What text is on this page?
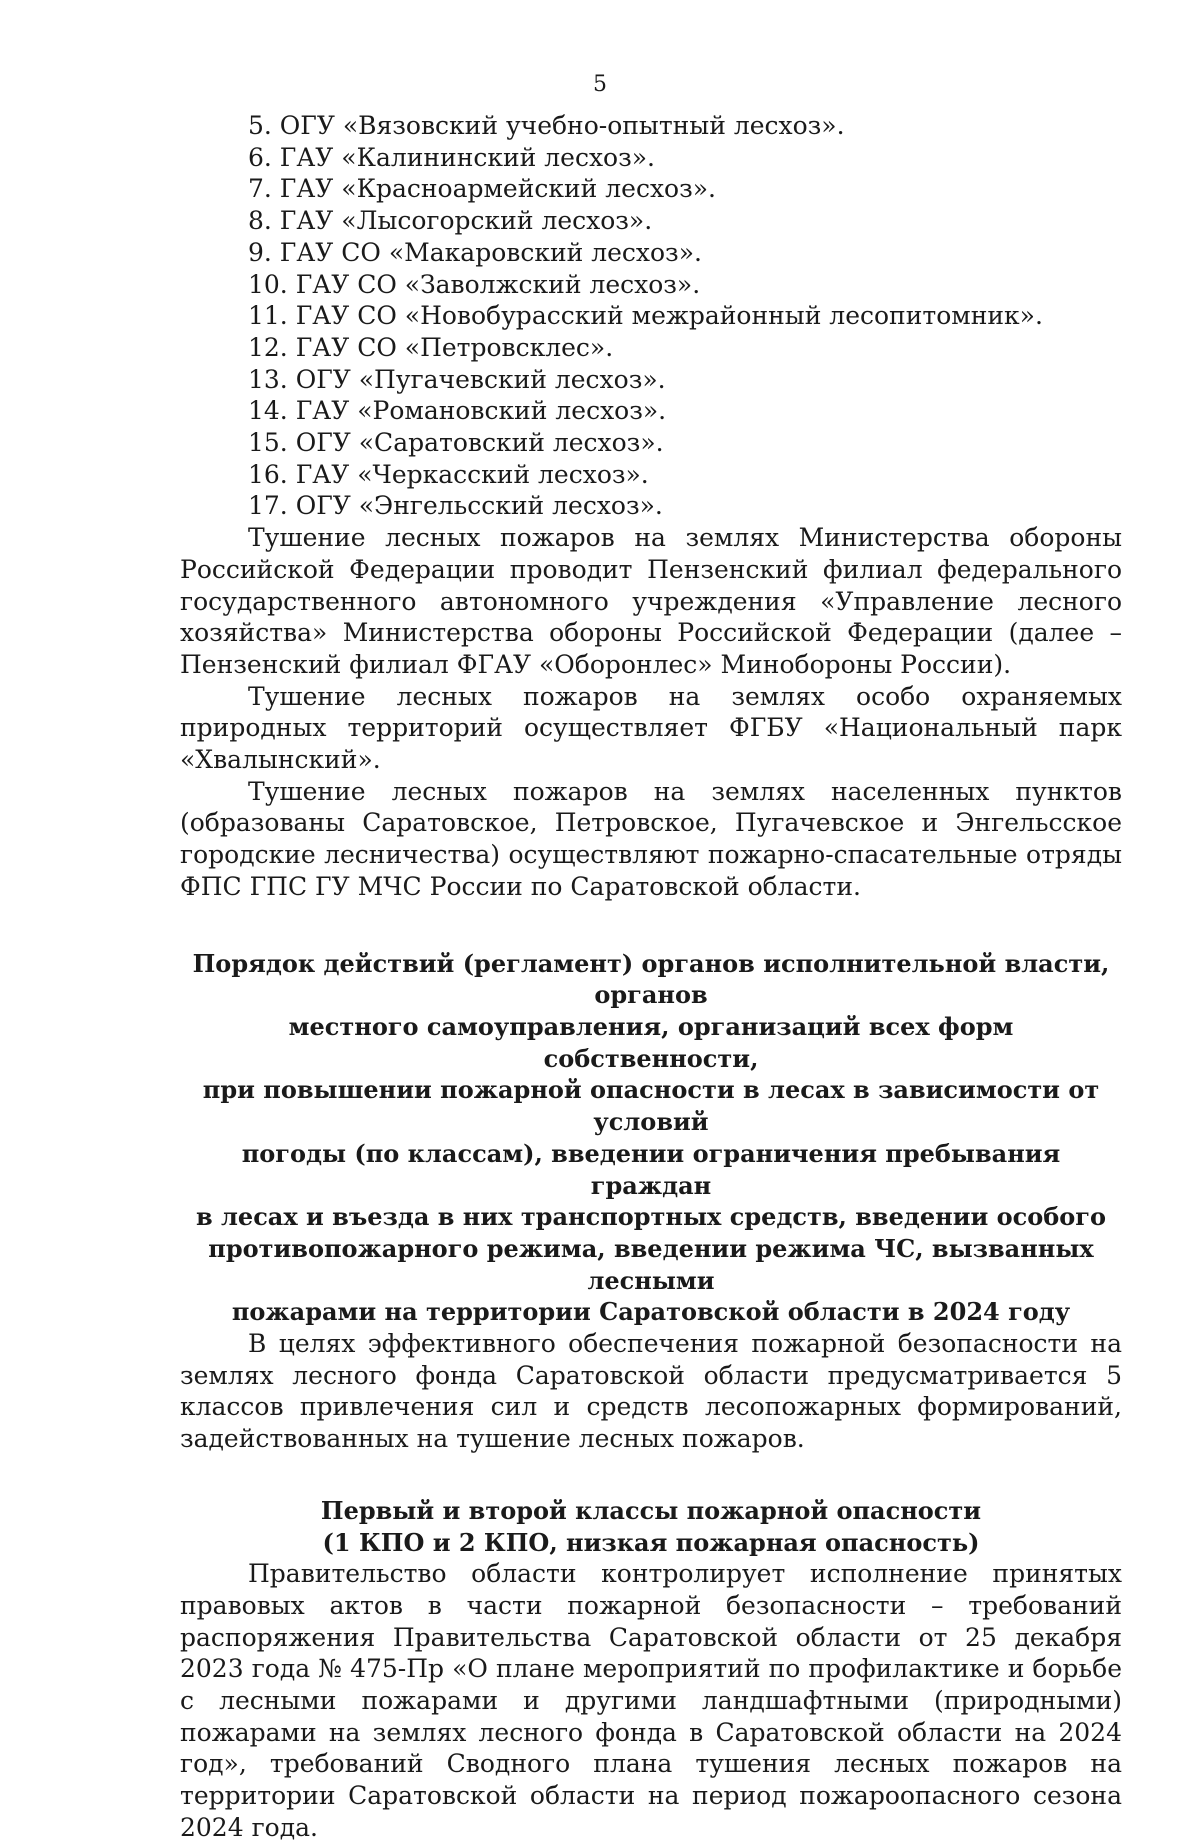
5
5. ОГУ «Вязовский учебно-опытный лесхоз».
6. ГАУ «Калининский лесхоз».
7. ГАУ «Красноармейский лесхоз».
8. ГАУ «Лысогорский лесхоз».
9. ГАУ СО «Макаровский лесхоз».
10. ГАУ СО «Заволжский лесхоз».
11. ГАУ СО «Новобурасский межрайонный лесопитомник».
12. ГАУ СО «Петровсклес».
13. ОГУ «Пугачевский лесхоз».
14. ГАУ «Романовский лесхоз».
15. ОГУ «Саратовский лесхоз».
16. ГАУ «Черкасский лесхоз».
17. ОГУ «Энгельсский лесхоз».

Тушение лесных пожаров на землях Министерства обороны Российской Федерации проводит Пензенский филиал федерального государственного автономного учреждения «Управление лесного хозяйства» Министерства обороны Российской Федерации (далее – Пензенский филиал ФГАУ «Оборонлес» Минобороны России).

Тушение лесных пожаров на землях особо охраняемых природных территорий осуществляет ФГБУ «Национальный парк «Хвалынский».

Тушение лесных пожаров на землях населенных пунктов (образованы Саратовское, Петровское, Пугачевское и Энгельсское городские лесничества) осуществляют пожарно-спасательные отряды ФПС ГПС ГУ МЧС России по Саратовской области.

Порядок действий (регламент) органов исполнительной власти, органов
местного самоуправления, организаций всех форм собственности,
при повышении пожарной опасности в лесах в зависимости от условий
погоды (по классам), введении ограничения пребывания граждан
в лесах и въезда в них транспортных средств, введении особого
противопожарного режима, введении режима ЧС, вызванных лесными
пожарами на территории Саратовской области в 2024 году

В целях эффективного обеспечения пожарной безопасности на землях лесного фонда Саратовской области предусматривается 5 классов привлечения сил и средств лесопожарных формирований, задействованных на тушение лесных пожаров.

Первый и второй классы пожарной опасности
(1 КПО и 2 КПО, низкая пожарная опасность)

Правительство области контролирует исполнение принятых правовых актов в части пожарной безопасности – требований распоряжения Правительства Саратовской области от 25 декабря 2023 года № 475-Пр «О плане мероприятий по профилактике и борьбе с лесными пожарами и другими ландшафтными (природными) пожарами на землях лесного фонда в Саратовской области на 2024 год», требований Сводного плана тушения лесных пожаров на территории Саратовской области на период пожароопасного сезона 2024 года.
